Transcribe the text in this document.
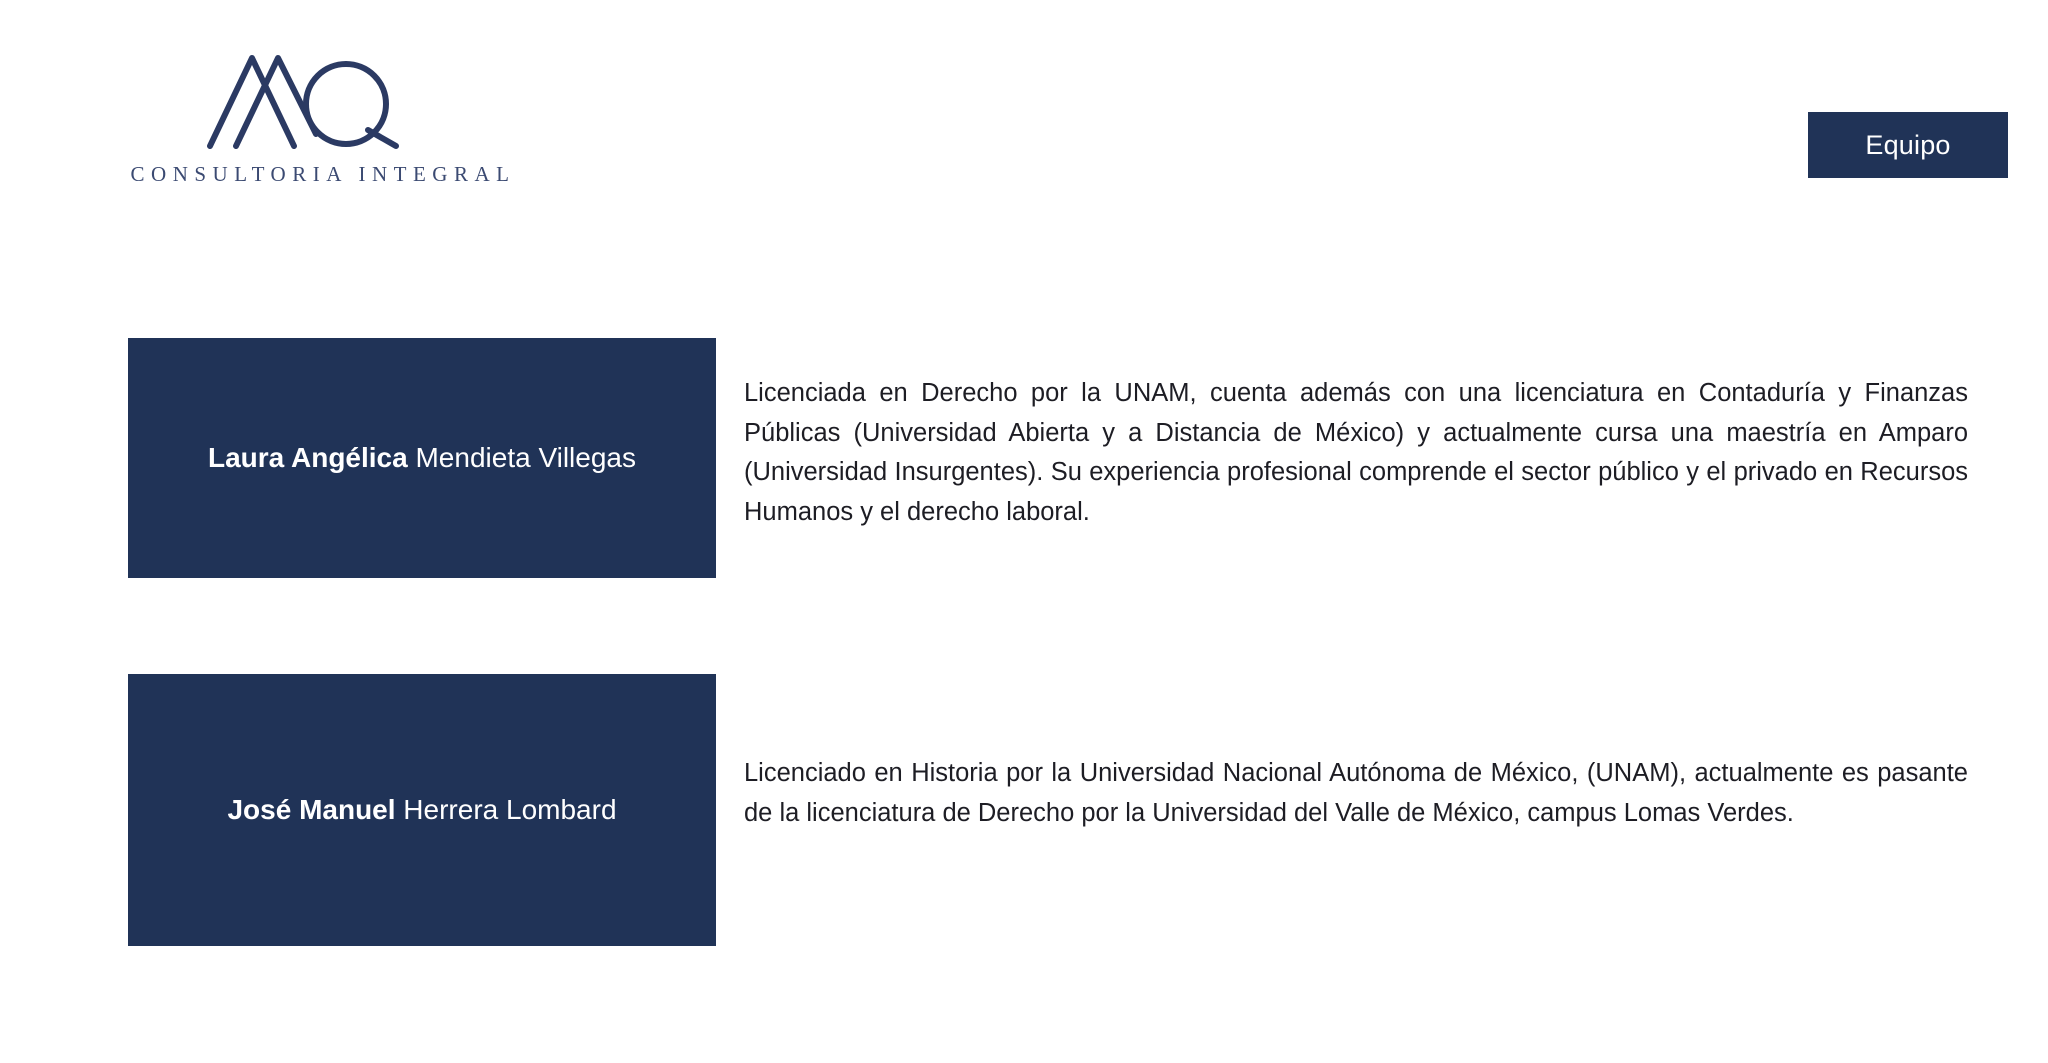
CONSULTORIA INTEGRAL
Equipo
Laura Angélica Mendieta Villegas
Licenciada en Derecho por la UNAM, cuenta además con una licenciatura en Contaduría y Finanzas Públicas (Universidad Abierta y a Distancia de México) y actualmente cursa una maestría en Amparo (Universidad Insurgentes). Su experiencia profesional comprende el sector público y el privado en Recursos Humanos y el derecho laboral.
José Manuel Herrera Lombard
Licenciado en Historia por la Universidad Nacional Autónoma de México, (UNAM), actualmente es pasante de la licenciatura de Derecho por la Universidad del Valle de México, campus Lomas Verdes.
